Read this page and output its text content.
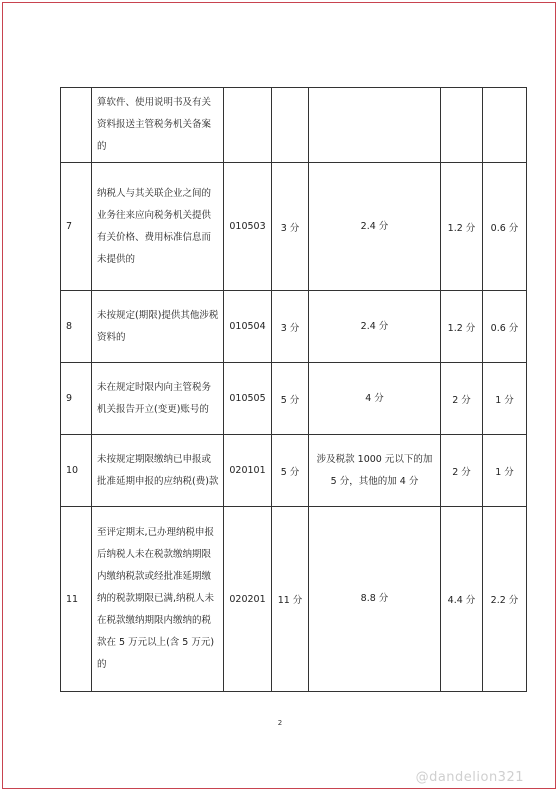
	算软件、使用说明书及有关资料报送主管税务机关备案的					
7	纳税人与其关联企业之间的业务往来应向税务机关提供有关价格、费用标准信息而未提供的	010503	3 分	2.4 分	1.2 分	0.6 分
8	未按规定(期限)提供其他涉税资料的	010504	3 分	2.4 分	1.2 分	0.6 分
9	未在规定时限内向主管税务机关报告开立(变更)账号的	010505	5 分	4 分	2 分	1 分
10	未按规定期限缴纳已申报或批准延期申报的应纳税(费)款	020101	5 分	涉及税款 1000 元以下的加 5 分，其他的加 4 分	2 分	1 分
11	至评定期末,已办理纳税申报后纳税人未在税款缴纳期限内缴纳税款或经批准延期缴纳的税款期限已满,纳税人未在税款缴纳期限内缴纳的税款在 5 万元以上(含 5 万元)的	020201	11 分	8.8 分	4.4 分	2.2 分
2
@dandelion321
